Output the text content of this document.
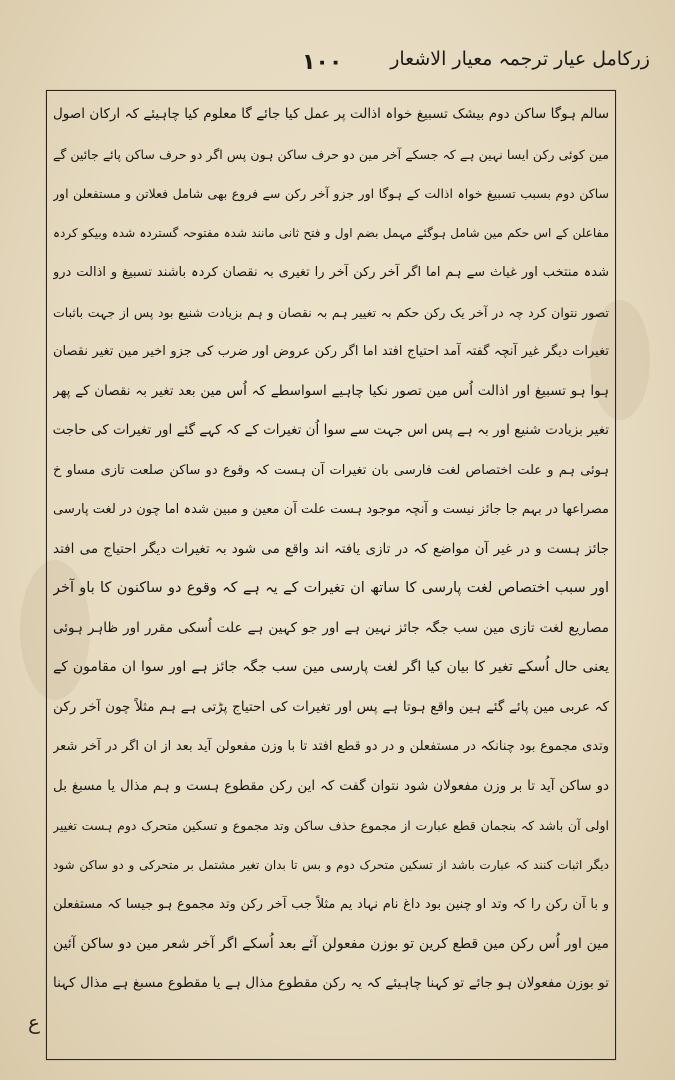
زرکامل عیار ترجمہ معیار الاشعار
۱۰۰
سالم ہوگا ساکن دوم بیشک تسبیغ خواہ اذالت پر عمل کیا جائے گا معلوم کیا چاہیئے کہ ارکان اصول
مین کوئی رکن ایسا نہین ہے کہ جسکے آخر مین دو حرف ساکن ہون پس اگر دو حرف ساکن پائے جائین گے
ساکن دوم بسبب تسبیغ خواہ اذالت کے ہوگا اور جزو آخر رکن سے فروع بھی شامل فعلاتن و مستفعلن اور
مفاعلن کے اس حکم مین شامل ہوگئے مہمل بضم اول و فتح ثانی مانند شدہ مفتوحہ گستردہ شدہ وبیکو کردہ
شدہ منتخب اور غیاث سے ہم اما اگر آخر رکن آخر را تغیری بہ نقصان کردہ باشند تسبیغ و اذالت درو
تصور نتوان کرد چہ در آخر یک رکن حکم بہ تغییر ہم بہ نقصان و ہم بزیادت شنیع بود پس از جہت باثبات
تغیرات دیگر غیر آنچہ گفتہ آمد احتیاج افتد اما اگر رکن عروض اور ضرب کی جزو اخیر مین تغیر نقصان
ہوا ہو تسبیغ اور اذالت اُس مین تصور نکیا چاہیے اسواسطے کہ اُس مین بعد تغیر بہ نقصان کے پھر
تغیر بزیادت شنیع اور بہ ہے پس اس جہت سے سوا اُن تغیرات کے کہ کہے گئے اور تغیرات کی حاجت
ہوئی ہم و علت اختصاص لغت فارسی بان تغیرات آن ہست کہ وقوع دو ساکن صلعت تازی مساو خ
مصراعها در بہم جا جائز نیست و آنچہ موجود ہست علت آن معین و مبین شدہ اما چون در لغت پارسی
جائز ہست و در غیر آن مواضع کہ در تازی یافتہ اند واقع می شود بہ تغیرات دیگر احتیاج می افتد
اور سبب اختصاص لغت پارسی کا ساتھ ان تغیرات کے یہ ہے کہ وقوع دو ساکنون کا باو آخر
مصاریع لغت تازی مین سب جگہ جائز نہین ہے اور جو کہین ہے علت اُسکی مقرر اور ظاہر ہوئی
یعنی حال اُسکے تغیر کا بیان کیا اگر لغت پارسی مین سب جگہ جائز ہے اور سوا ان مقامون کے
کہ عربی مین پائے گئے ہین واقع ہوتا ہے پس اور تغیرات کی احتیاج پڑتی ہے ہم مثلاً چون آخر رکن
وتدی مجموع بود چنانکہ در مستفعلن و در دو قطع افتد تا با وزن مفعولن آید بعد از ان اگر در آخر شعر
دو ساکن آید تا بر وزن مفعولان شود نتوان گفت کہ این رکن مقطوع ہست و ہم مذال یا مسبغ بل
اولی آن باشد کہ بنجمان قطع عبارت از مجموع حذف ساکن وتد مجموع و تسکین متحرک دوم ہست تغییر
دیگر اثبات کنند کہ عبارت باشد از تسکین متحرک دوم و بس تا بدان تغیر مشتمل بر متحرکی و دو ساکن شود
و با آن رکن را کہ وتد او چنین بود داغ نام نہاد یم مثلاً جب آخر رکن وتد مجموع ہو جیسا کہ مستفعلن
مین اور اُس رکن مین قطع کرین تو بوزن مفعولن آئے بعد اُسکے اگر آخر شعر مین دو ساکن آئین
تو بوزن مفعولان ہو جائے تو کہنا چاہیئے کہ یہ رکن مقطوع مذال ہے یا مقطوع مسبغ ہے مذال کہنا
ع
